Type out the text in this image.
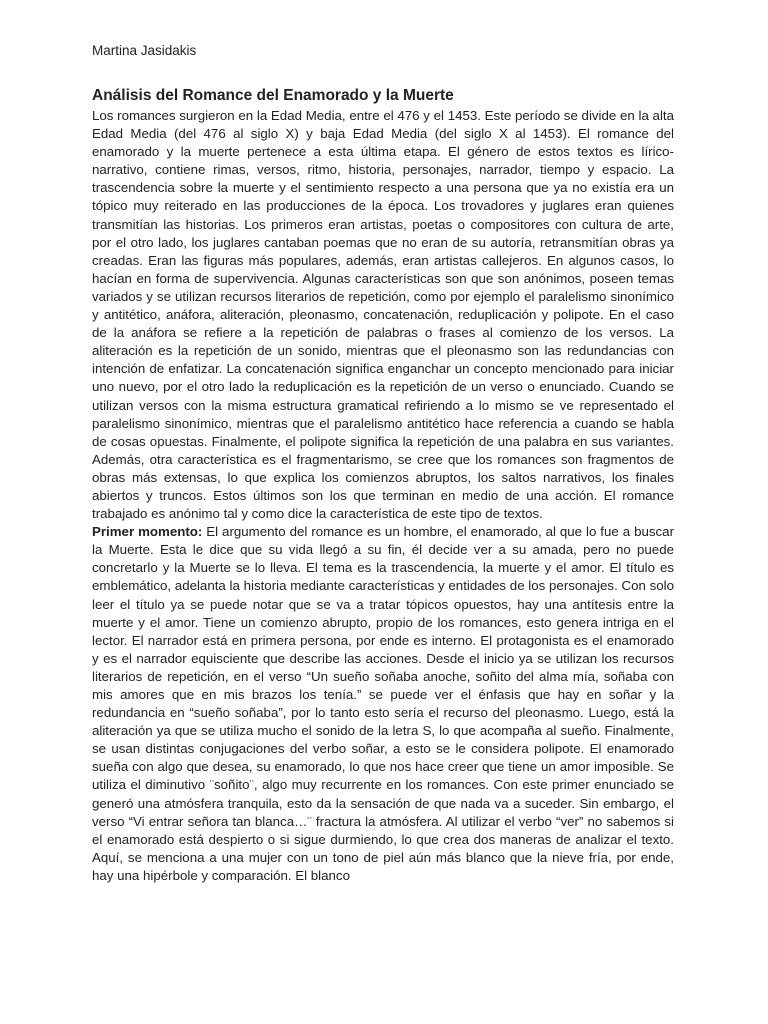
Martina Jasidakis
Análisis del Romance del Enamorado y la Muerte

Los romances surgieron en la Edad Media, entre el 476 y el 1453. Este período se divide en la alta Edad Media (del 476 al siglo X) y baja Edad Media (del siglo X al 1453). El romance del enamorado y la muerte pertenece a esta última etapa. El género de estos textos es lírico-narrativo, contiene rimas, versos, ritmo, historia, personajes, narrador, tiempo y espacio. La trascendencia sobre la muerte y el sentimiento respecto a una persona que ya no existía era un tópico muy reiterado en las producciones de la época. Los trovadores y juglares eran quienes transmitían las historias. Los primeros eran artistas, poetas o compositores con cultura de arte, por el otro lado, los juglares cantaban poemas que no eran de su autoría, retransmitían obras ya creadas. Eran las figuras más populares, además, eran artistas callejeros. En algunos casos, lo hacían en forma de supervivencia. Algunas características son que son anónimos, poseen temas variados y se utilizan recursos literarios de repetición, como por ejemplo el paralelismo sinonímico y antitético, anáfora, aliteración, pleonasmo, concatenación, reduplicación y polipote. En el caso de la anáfora se refiere a la repetición de palabras o frases al comienzo de los versos. La aliteración es la repetición de un sonido, mientras que el pleonasmo son las redundancias con intención de enfatizar. La concatenación significa enganchar un concepto mencionado para iniciar uno nuevo, por el otro lado la reduplicación es la repetición de un verso o enunciado. Cuando se utilizan versos con la misma estructura gramatical refiriendo a lo mismo se ve representado el paralelismo sinonímico, mientras que el paralelismo antitético hace referencia a cuando se habla de cosas opuestas. Finalmente, el polipote significa la repetición de una palabra en sus variantes. Además, otra característica es el fragmentarismo, se cree que los romances son fragmentos de obras más extensas, lo que explica los comienzos abruptos, los saltos narrativos, los finales abiertos y truncos. Estos últimos son los que terminan en medio de una acción. El romance trabajado es anónimo tal y como dice la característica de este tipo de textos.

Primer momento: El argumento del romance es un hombre, el enamorado, al que lo fue a buscar la Muerte. Esta le dice que su vida llegó a su fin, él decide ver a su amada, pero no puede concretarlo y la Muerte se lo lleva. El tema es la trascendencia, la muerte y el amor. El título es emblemático, adelanta la historia mediante características y entidades de los personajes. Con solo leer el título ya se puede notar que se va a tratar tópicos opuestos, hay una antítesis entre la muerte y el amor. Tiene un comienzo abrupto, propio de los romances, esto genera intriga en el lector. El narrador está en primera persona, por ende es interno. El protagonista es el enamorado y es el narrador equisciente que describe las acciones. Desde el inicio ya se utilizan los recursos literarios de repetición, en el verso “Un sueño soñaba anoche, soñito del alma mía, soñaba con mis amores que en mis brazos los tenía.” se puede ver el énfasis que hay en soñar y la redundancia en “sueño soñaba”, por lo tanto esto sería el recurso del pleonasmo. Luego, está la aliteración ya que se utiliza mucho el sonido de la letra S, lo que acompaña al sueño. Finalmente, se usan distintas conjugaciones del verbo soñar, a esto se le considera polipote. El enamorado sueña con algo que desea, su enamorado, lo que nos hace creer que tiene un amor imposible. Se utiliza el diminutivo ¨soñito¨, algo muy recurrente en los romances. Con este primer enunciado se generó una atmósfera tranquila, esto da la sensación de que nada va a suceder. Sin embargo, el verso “Vi entrar señora tan blanca…¨ fractura la atmósfera. Al utilizar el verbo “ver” no sabemos si el enamorado está despierto o si sigue durmiendo, lo que crea dos maneras de analizar el texto. Aquí, se menciona a una mujer con un tono de piel aún más blanco que la nieve fría, por ende, hay una hipérbole y comparación. El blanco
